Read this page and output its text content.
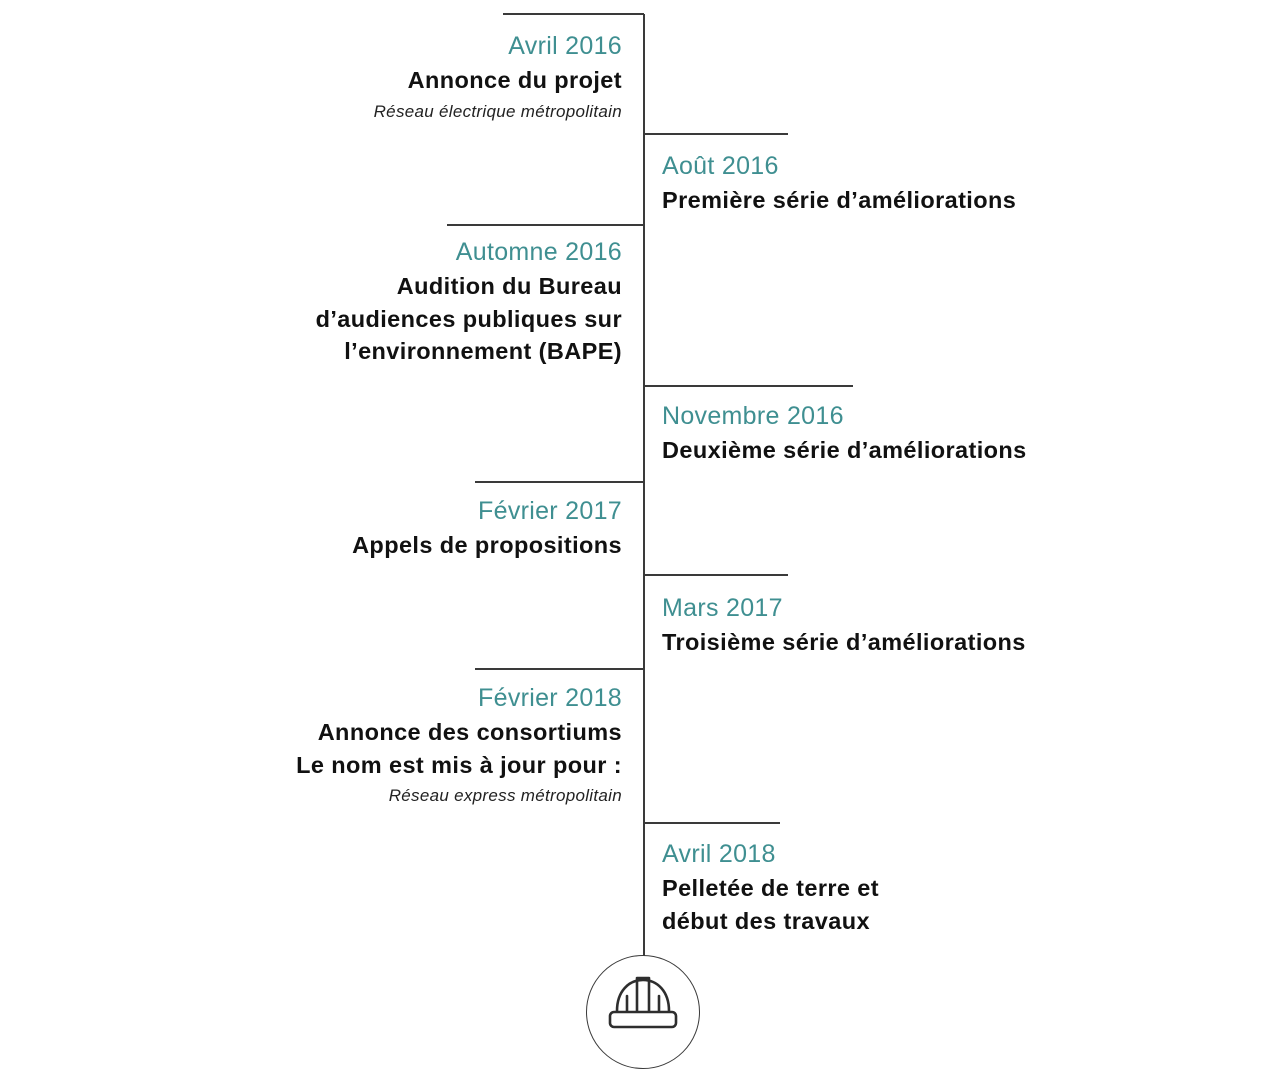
Avril 2016
Annonce du projet
Réseau électrique métropolitain
Août 2016
Première série d’améliorations
Automne 2016
Audition du Bureau
d’audiences publiques sur
l’environnement (BAPE)
Novembre 2016
Deuxième série d’améliorations
Février 2017
Appels de propositions
Mars 2017
Troisième série d’améliorations
Février 2018
Annonce des consortiums
Le nom est mis à jour pour :
Réseau express métropolitain
Avril 2018
Pelletée de terre et
début des travaux
